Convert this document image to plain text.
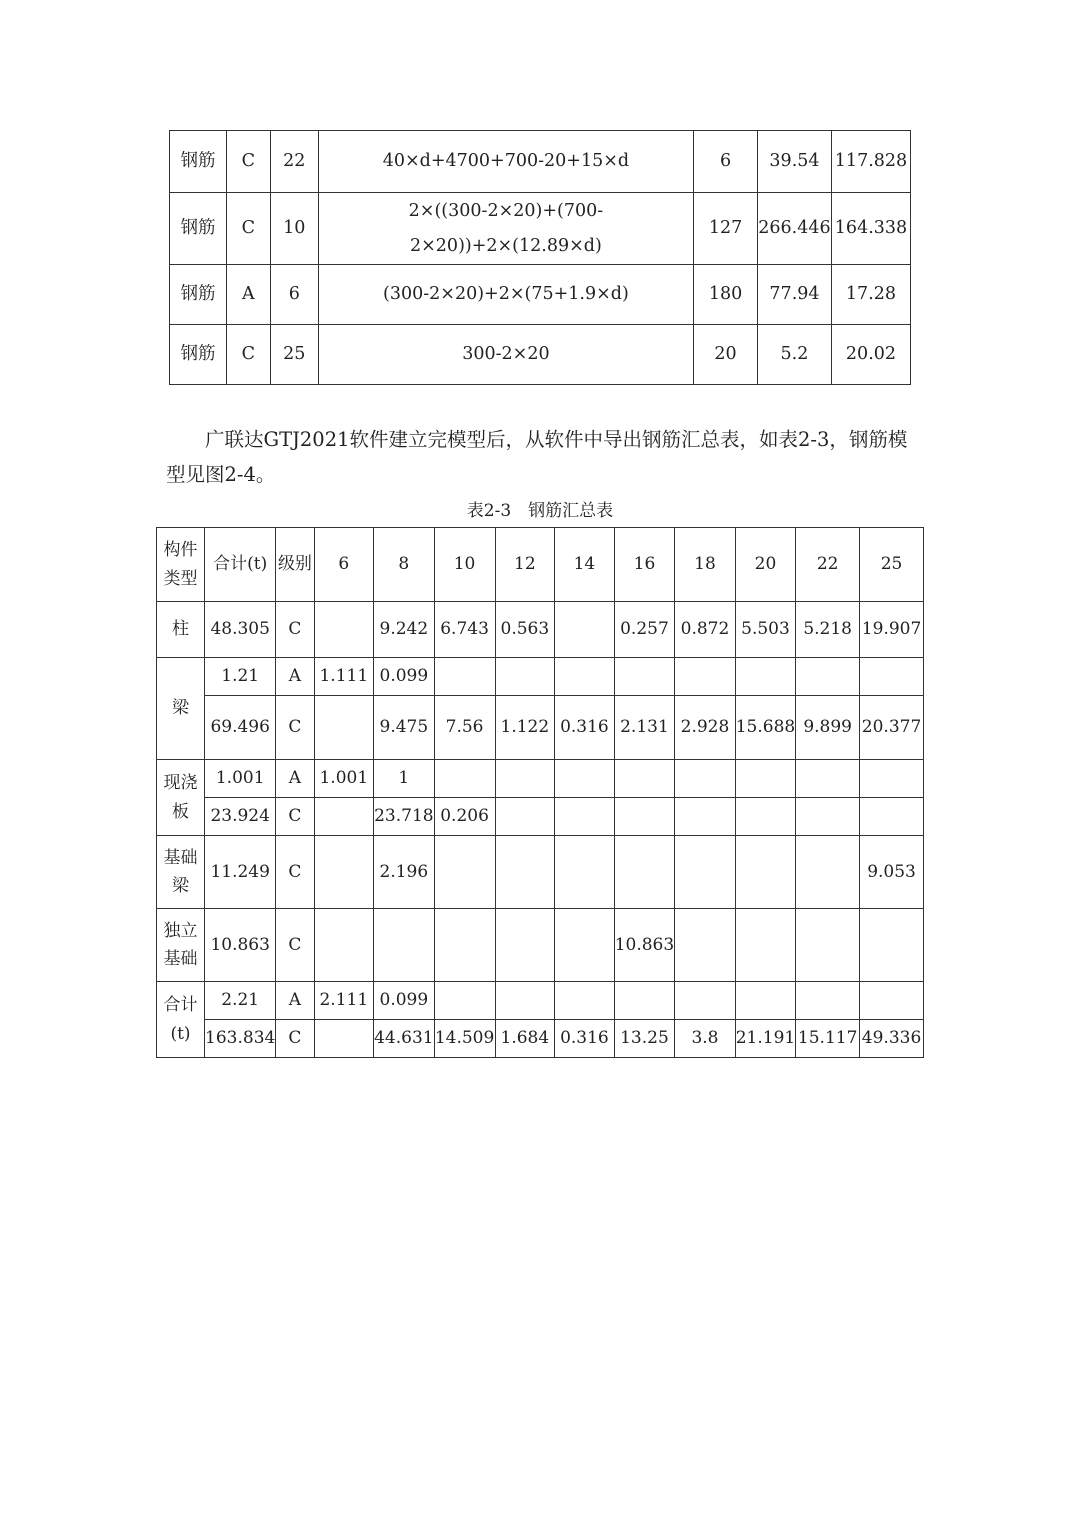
钢筋	C	22	40×d+4700+700-20+15×d	6	39.54	117.828
钢筋	C	10	2×((300-2×20)+(700-2×20))+2×(12.89×d)	127	266.446	164.338
钢筋	A	6	(300-2×20)+2×(75+1.9×d)	180	77.94	17.28
钢筋	C	25	300-2×20	20	5.2	20.02
广联达GTJ2021软件建立完模型后，从软件中导出钢筋汇总表，如表2-3，钢筋模型见图2-4。
表2-3　钢筋汇总表
构件类型	合计(t)	级别	6	8	10	12	14	16	18	20	22	25
柱	48.305	C		9.242	6.743	0.563		0.257	0.872	5.503	5.218	19.907
梁	1.21	A	1.111	0.099								
	69.496	C		9.475	7.56	1.122	0.316	2.131	2.928	15.688	9.899	20.377
现浇板	1.001	A	1.001	1								
	23.924	C		23.718	0.206							
基础梁	11.249	C		2.196								9.053
独立基础	10.863	C						10.863				
合计(t)	2.21	A	2.111	0.099								
	163.834	C		44.631	14.509	1.684	0.316	13.25	3.8	21.191	15.117	49.336
